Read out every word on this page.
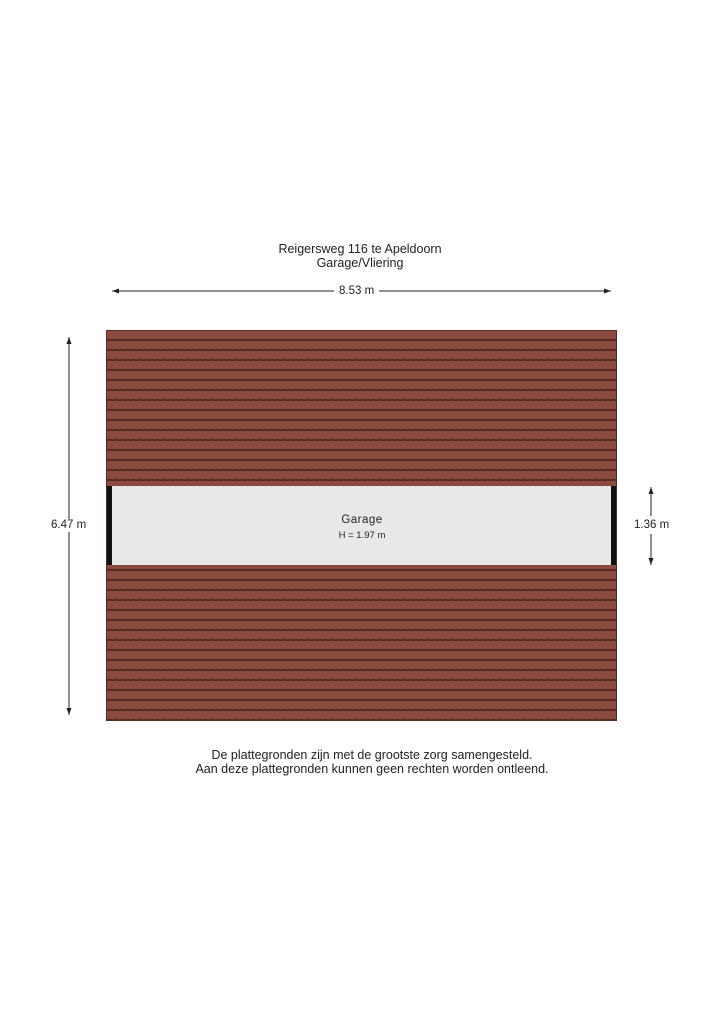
Reigersweg 116 te Apeldoorn
Garage/Vliering
8.53 m
6.47 m	1.36 m
Garage
H = 1.97 m
De plattegronden zijn met de grootste zorg samengesteld.
Aan deze plattegronden kunnen geen rechten worden ontleend.
